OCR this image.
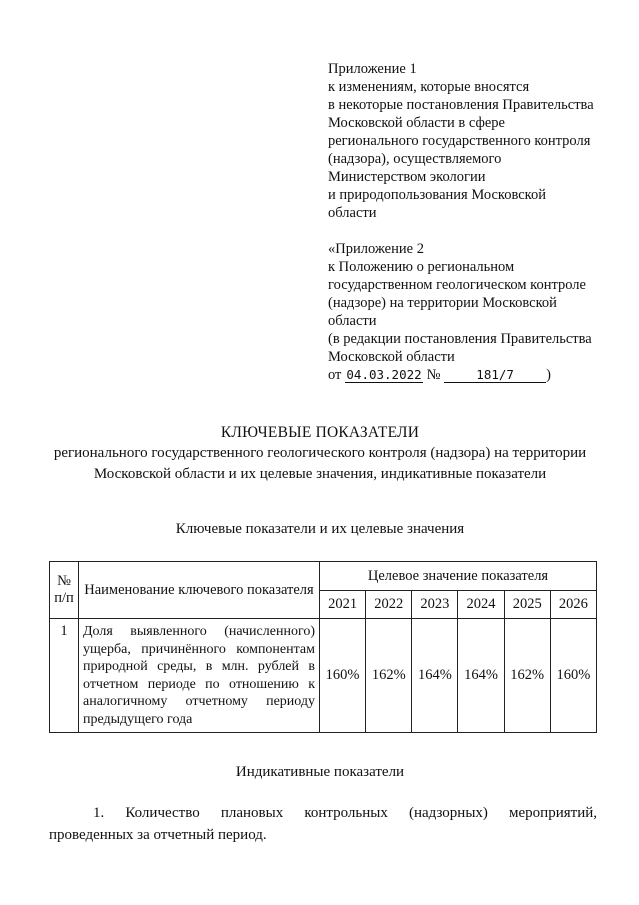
Приложение 1
к изменениям, которые вносятся
в некоторые постановления Правительства
Московской области в сфере
регионального государственного контроля
(надзора), осуществляемого
Министерством экологии
и природопользования Московской
области
«Приложение 2
к Положению о региональном
государственном геологическом контроле
(надзоре) на территории Московской
области
(в редакции постановления Правительства
Московской области
от 04.03.2022 №	181/7 )
КЛЮЧЕВЫЕ ПОКАЗАТЕЛИ
регионального государственного геологического контроля (надзора) на территории
Московской области и их целевые значения, индикативные показатели
Ключевые показатели и их целевые значения
№ п/п	Наименование ключевого показателя	Целевое значение показателя					
		2021	2022	2023	2024	2025	2026
1	Доля выявленного (начисленного) ущерба, причинённого компонентам природной среды, в млн. рублей в отчетном периоде по отношению к аналогичному отчетному периоду предыдущего года	160%	162%	164%	164%	162%	160%
Индикативные показатели
1. Количество плановых контрольных (надзорных) мероприятий, проведенных за отчетный период.
